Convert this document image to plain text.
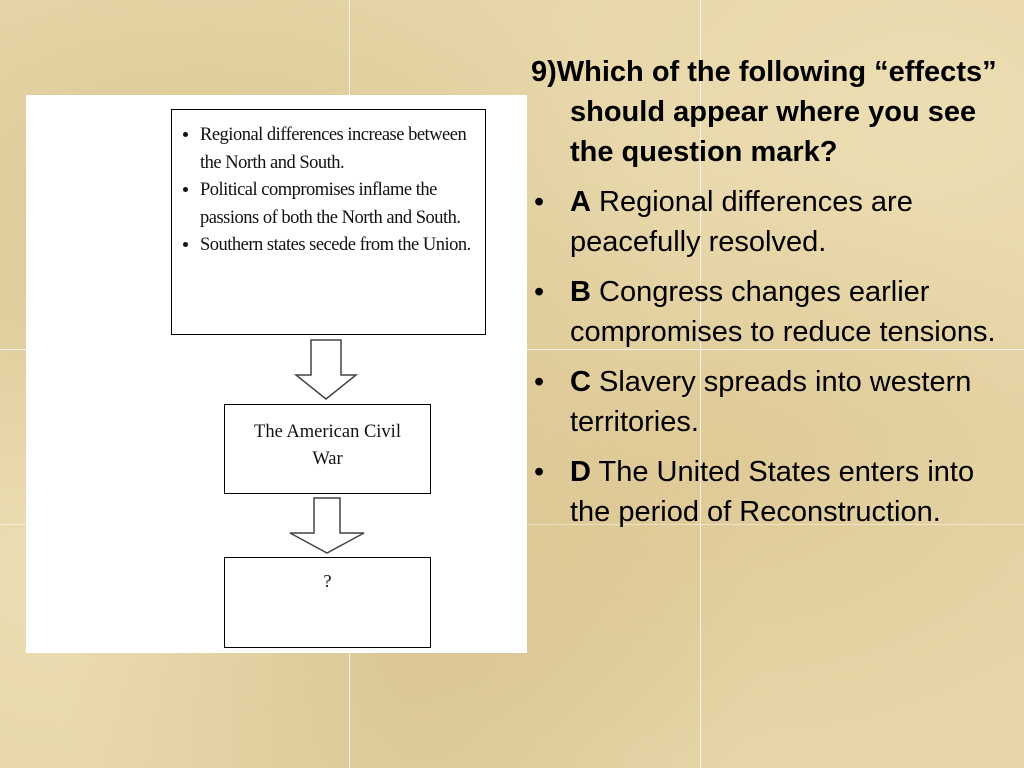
• Regional differences increase between the North and South.
• Political compromises inflame the passions of both the North and South.
• Southern states secede from the Union.
The American Civil War
?

9)Which of the following “effects” should appear where you see the question mark?

• A Regional differences are peacefully resolved.
• B Congress changes earlier compromises to reduce tensions.
• C Slavery spreads into western territories.
• D The United States enters into the period of Reconstruction.
